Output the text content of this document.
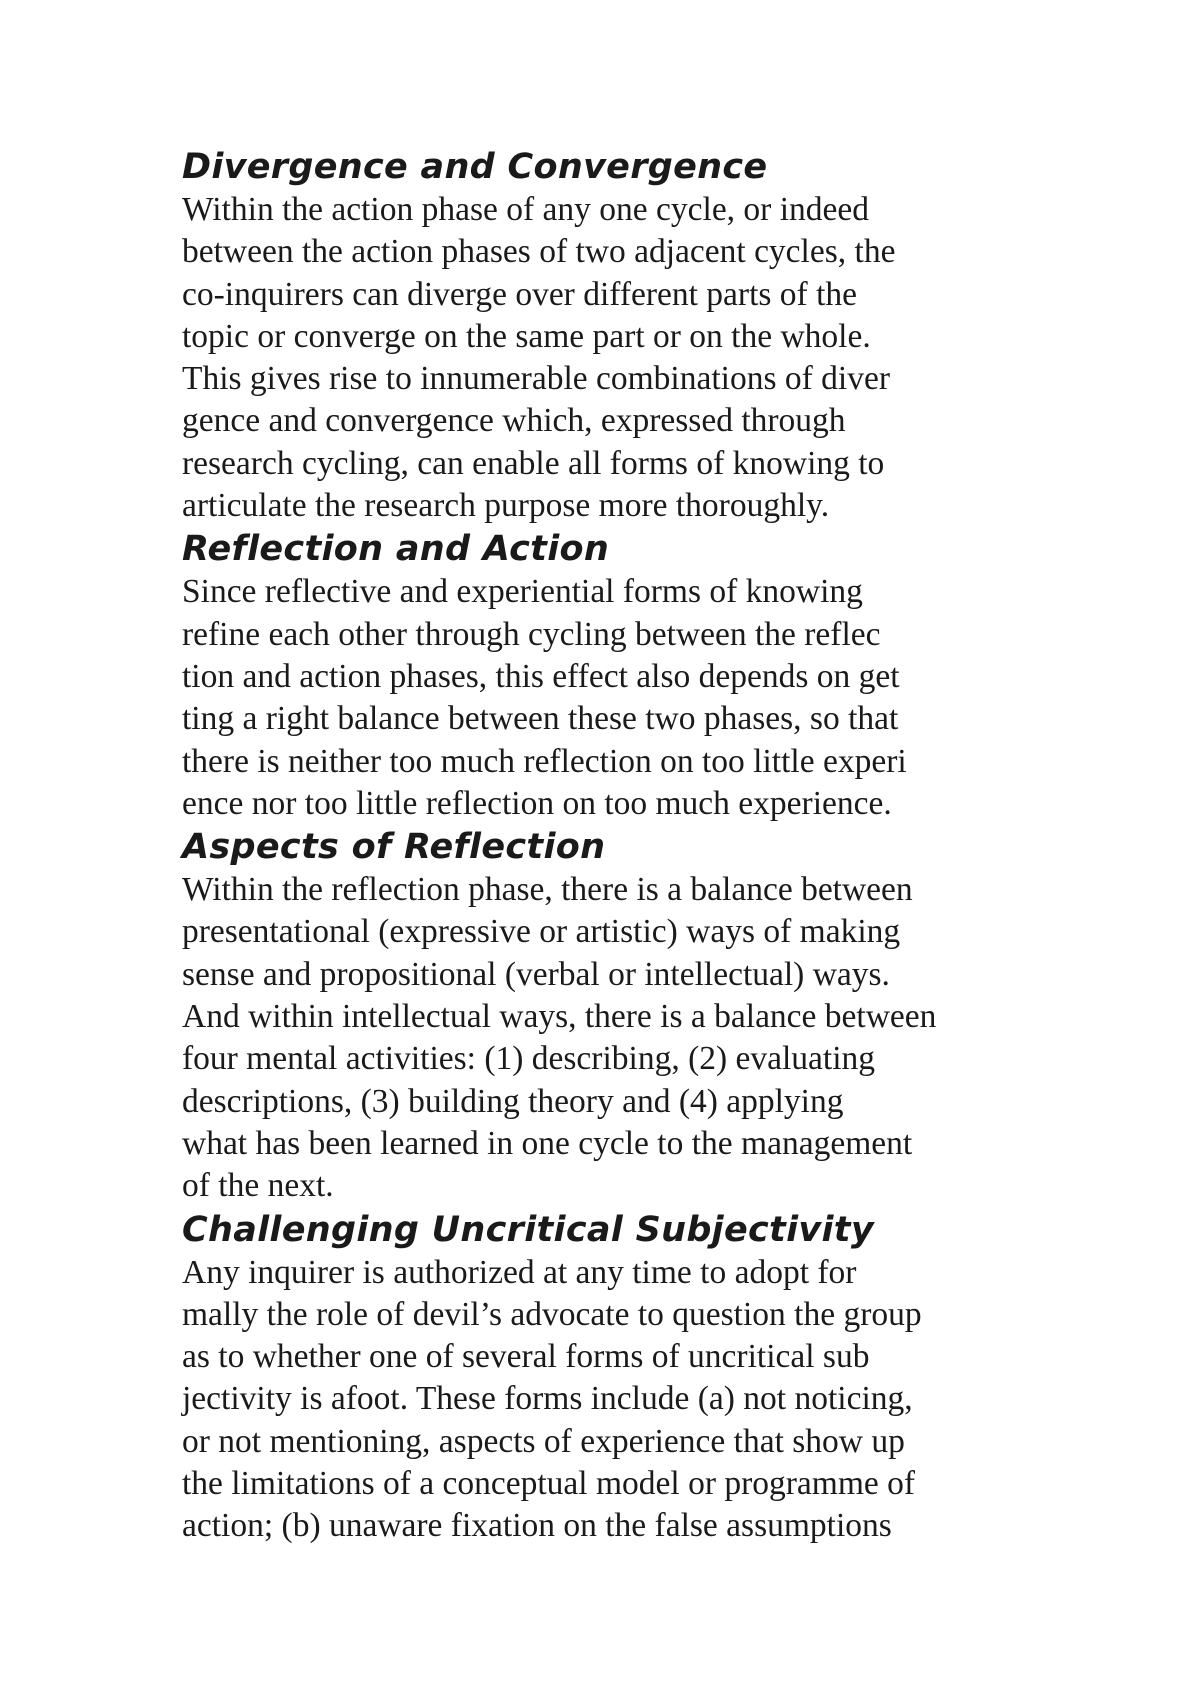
Divergence and Convergence

Within the action phase of any one cycle, or indeed

between the action phases of two adjacent cycles, the

co-inquirers can diverge over different parts of the

topic or converge on the same part or on the whole.

This gives rise to innumerable combinations of diver

gence and convergence which, expressed through

research cycling, can enable all forms of knowing to

articulate the research purpose more thoroughly.

Reflection and Action

Since reflective and experiential forms of knowing

refine each other through cycling between the reflec

tion and action phases, this effect also depends on get

ting a right balance between these two phases, so that

there is neither too much reflection on too little experi

ence nor too little reflection on too much experience.

Aspects of Reflection

Within the reflection phase, there is a balance between

presentational (expressive or artistic) ways of making

sense and propositional (verbal or intellectual) ways.

And within intellectual ways, there is a balance between

four mental activities: (1) describing, (2) evaluating

descriptions, (3) building theory and (4) applying

what has been learned in one cycle to the management

of the next.

Challenging Uncritical Subjectivity

Any inquirer is authorized at any time to adopt for

mally the role of devil’s advocate to question the group

as to whether one of several forms of uncritical sub

jectivity is afoot. These forms include (a) not noticing,

or not mentioning, aspects of experience that show up

the limitations of a conceptual model or programme of

action; (b) unaware fixation on the false assumptions
